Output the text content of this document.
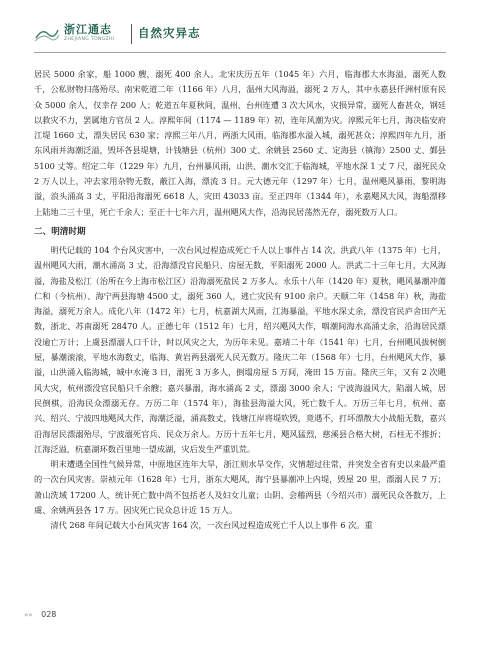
浙江通志
ZHEJIANG TONGZHI	自然灾异志

居民 5000 余家，船 1000 艘，溺死 400 余人。北宋庆历五年（1045 年）六月，临海郡大水海溢，溺死人数千，公私财物扫荡殆尽。南宋乾道二年（1166 年）八月，温州大风海溢，溺死 2 万人，其中永嘉县仟洲村原有民众 5000 余人，仅幸存 200 人；乾道五年夏秋间，温州、台州连遭 3 次大风水，灾损异常，溺死人畜甚众，钢廷以救灾不力，罢属地方官员 2 人。淳熙年间（1174 — 1189 年）初，连年风潮为灾。淳熙元年七月，海决临安府江堤 1660 丈，漂失居民 630 家；淳熙三年八月，两浙大风雨，临海郡水溢入城，溺死甚众；淳熙四年九月，浙东风雨并海潮泛溢，毁坏各县堤塘，计钱塘县（杭州）300 丈、余姚县 2560 丈、定海县（镇海）2500 丈、鄞县 5100 丈等。绍定二年（1229 年）九月，台州暴风雨，山洪、潮水交汇于临海城，平地水深 1 丈 7 尺，溺死民众 2 万人以上，冲去家用杂物无数，蔽江入海，漂流 3 日。元大德元年（1297 年）七月，温州飓风暴雨，黎明海溢，浪头涌高 3 丈，平阳沿海溺死 6618 人，灾田 43033 亩。至正四年（1344 年），永嘉飓风大风，海船漂移上陆地二三十里，死亡千余人；至正十七年六月，温州飓风大作，沿海民居荡然无存，溺死数万人口。

二、明清时期

明代记载的 104 个台风灾害中，一次台风过程造成死亡千人以上事件占 14 次。洪武八年（1375 年）七月，温州飓风大雨，潮水涌高 3 丈，沿海漂没官民船只、房屋无数，平阳溺死 2000 人。洪武二十三年七月，大风海溢，海盐及松江（治所在今上海市松江区）沿海溺死盐民 2 万多人。永乐十八年（1420 年）夏秋，飓风暴潮冲蕩仁和（今杭州）、海宁两县海塘 4500 丈，溺死 360 人，逃亡灾民有 9100 余户。天顺二年（1458 年）秋，海盐海溢，溺死万余人。成化八年（1472 年）七月，杭嘉湖大风雨，江海暴溢，平地水深丈余，漂没官民庐舍田产无数，浙北、苏南溺死 28470 人。正德七年（1512 年）七月，绍兴飓风大作，咽潮间海水高涌丈余，沿海居民漂没逾亡万计；上虞县漂溺人口千计，时以风灾之大，为历年未见。嘉靖二十年（1541 年）七月，台州飓风拔树倒屋，暴潮滚滚，平地水海数丈，临海、黄岩两县溺死人民无数万。隆庆二年（1568 年）七月，台州飓风大作，暴溢，山洪涌入临海城，城中水淹 3 日，溺死 3 万多人，倒塌房屋 5 万间，淹田 15 万亩。隆庆三年，又有 2 次飓风大灾，杭州漂没官民船只千余艘；嘉兴暴溺，海水涌高 2 丈，漂溺 3000 余人；宁波海溢风大，陷溺人城，居民倒棋，沿海民众漂溺无存。万历二年（1574 年），海盐县海溢大风，死亡数千人。万历三年七月，杭州、嘉兴、绍兴、宁波四地飓风大作，海潮泛溢，涌高数丈，钱塘江岸将堤吹毁，竟遇不，打坏漂散大小战船无数，嘉兴沿海居民漂溺殆尽，宁波溺死官兵、民众万余人。万历十五年七月，飓风猛烈，慈溪县合格大树，石柱无不推折；江海泛溢，杭嘉湖环数百里地一望成湖，灾后发生严重饥荒。

明末遭遇全国性气候异常，中原地区连年大旱，浙江则水旱交作，灾情超过往常，并突发全省有史以来最严重的一次台风灾害。崇祯元年（1628 年）七月，浙东大飓风，海宁县暴潮冲上内堤，毁屋 20 里，漂溺人民 7 万；萧山洗域 17200 人，统计死亡数中尚不包括老人及妇女儿童；山阴、会稽两县（今绍兴市）溺死民众各数万，上虞、余姚两县各 17 万。因灾死亡民众总计近 15 万人。

清代 268 年间记载大小台风灾害 164 次，一次台风过程造成死亡千人以上事件 6 次。重

»» 028
